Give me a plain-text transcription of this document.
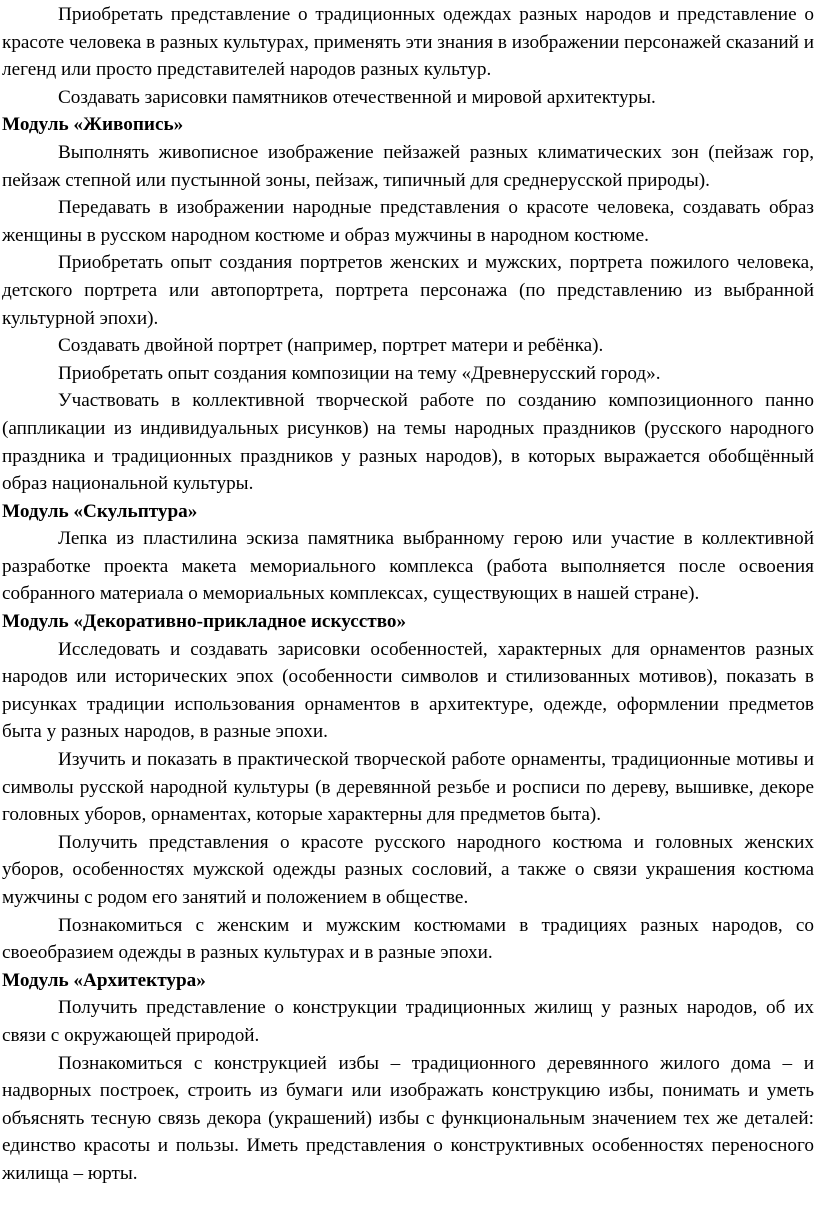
Приобретать представление о традиционных одеждах разных народов и представление о красоте человека в разных культурах, применять эти знания в изображении персонажей сказаний и легенд или просто представителей народов разных культур.

Создавать зарисовки памятников отечественной и мировой архитектуры.

Модуль «Живопись»

Выполнять живописное изображение пейзажей разных климатических зон (пейзаж гор, пейзаж степной или пустынной зоны, пейзаж, типичный для среднерусской природы).

Передавать в изображении народные представления о красоте человека, создавать образ женщины в русском народном костюме и образ мужчины в народном костюме.

Приобретать опыт создания портретов женских и мужских, портрета пожилого человека, детского портрета или автопортрета, портрета персонажа (по представлению из выбранной культурной эпохи).

Создавать двойной портрет (например, портрет матери и ребёнка).

Приобретать опыт создания композиции на тему «Древнерусский город».

Участвовать в коллективной творческой работе по созданию композиционного панно (аппликации из индивидуальных рисунков) на темы народных праздников (русского народного праздника и традиционных праздников у разных народов), в которых выражается обобщённый образ национальной культуры.

Модуль «Скульптура»

Лепка из пластилина эскиза памятника выбранному герою или участие в коллективной разработке проекта макета мемориального комплекса (работа выполняется после освоения собранного материала о мемориальных комплексах, существующих в нашей стране).

Модуль «Декоративно-прикладное искусство»

Исследовать и создавать зарисовки особенностей, характерных для орнаментов разных народов или исторических эпох (особенности символов и стилизованных мотивов), показать в рисунках традиции использования орнаментов в архитектуре, одежде, оформлении предметов быта у разных народов, в разные эпохи.

Изучить и показать в практической творческой работе орнаменты, традиционные мотивы и символы русской народной культуры (в деревянной резьбе и росписи по дереву, вышивке, декоре головных уборов, орнаментах, которые характерны для предметов быта).

Получить представления о красоте русского народного костюма и головных женских уборов, особенностях мужской одежды разных сословий, а также о связи украшения костюма мужчины с родом его занятий и положением в обществе.

Познакомиться с женским и мужским костюмами в традициях разных народов, со своеобразием одежды в разных культурах и в разные эпохи.

Модуль «Архитектура»

Получить представление о конструкции традиционных жилищ у разных народов, об их связи с окружающей природой.

Познакомиться с конструкцией избы – традиционного деревянного жилого дома – и надворных построек, строить из бумаги или изображать конструкцию избы, понимать и уметь объяснять тесную связь декора (украшений) избы с функциональным значением тех же деталей: единство красоты и пользы. Иметь представления о конструктивных особенностях переносного жилища – юрты.
